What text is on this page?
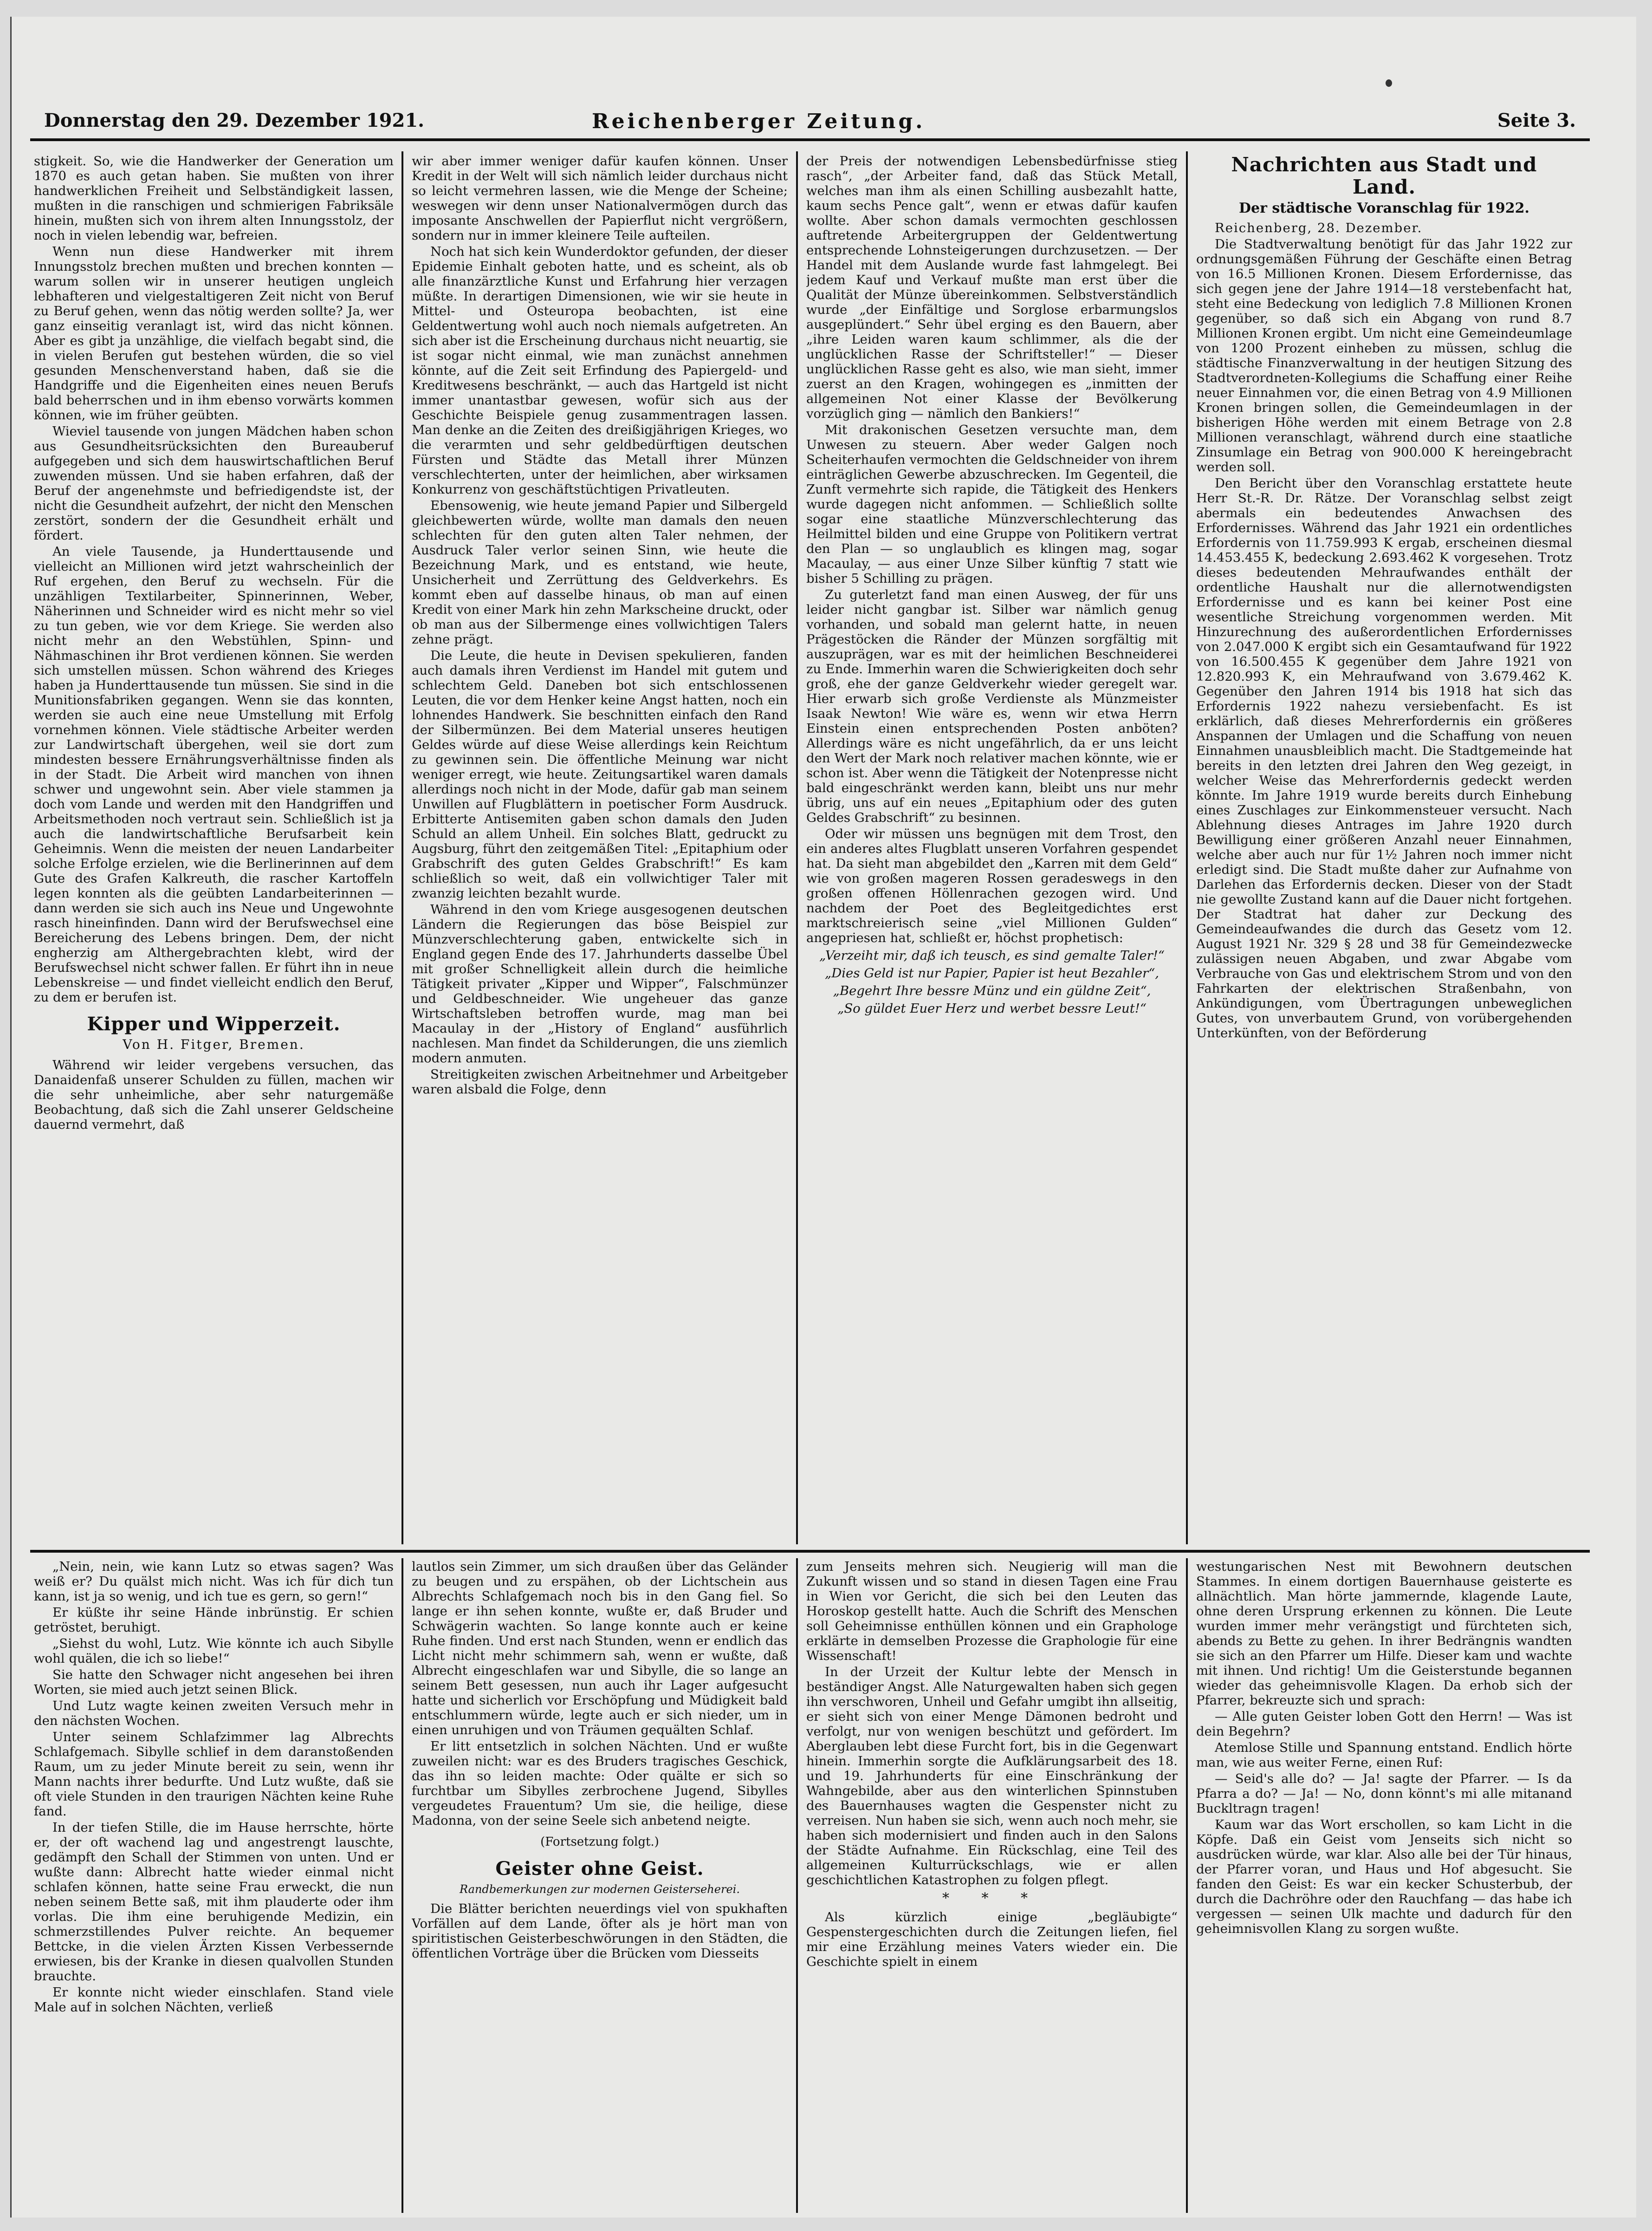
Donnerstag den 29. Dezember 1921.	Reichenberger Zeitung.	Seite 3.

stigkeit. So, wie die Handwerker der Generation um 1870 es auch getan haben. Sie mußten von ihrer handwerklichen Freiheit und Selbständigkeit lassen, mußten in die ranschigen und schmierigen Fabriksäle hinein, mußten sich von ihrem alten Innungsstolz, der noch in vielen lebendig war, befreien.

Wenn nun diese Handwerker mit ihrem Innungsstolz brechen mußten und brechen konnten — warum sollen wir in unserer heutigen ungleich lebhafteren und vielgestaltigeren Zeit nicht von Beruf zu Beruf gehen, wenn das nötig werden sollte? Ja, wer ganz einseitig veranlagt ist, wird das nicht können. Aber es gibt ja unzählige, die vielfach begabt sind, die in vielen Berufen gut bestehen würden, die so viel gesunden Menschenverstand haben, daß sie die Handgriffe und die Eigenheiten eines neuen Berufs bald beherrschen und in ihm ebenso vorwärts kommen können, wie im früher geübten.

Wieviel tausende von jungen Mädchen haben schon aus Gesundheitsrücksichten den Bureauberuf aufgegeben und sich dem hauswirtschaftlichen Beruf zuwenden müssen. Und sie haben erfahren, daß der Beruf der angenehmste und befriedigendste ist, der nicht die Gesundheit aufzehrt, der nicht den Menschen zerstört, sondern der die Gesundheit erhält und fördert.

An viele Tausende, ja Hunderttausende und vielleicht an Millionen wird jetzt wahrscheinlich der Ruf ergehen, den Beruf zu wechseln. Für die unzähligen Textilarbeiter, Spinnerinnen, Weber, Näherinnen und Schneider wird es nicht mehr so viel zu tun geben, wie vor dem Kriege. Sie werden also nicht mehr an den Webstühlen, Spinn- und Nähmaschinen ihr Brot verdienen können. Sie werden sich umstellen müssen. Schon während des Krieges haben ja Hunderttausende tun müssen. Sie sind in die Munitionsfabriken gegangen. Wenn sie das konnten, werden sie auch eine neue Umstellung mit Erfolg vornehmen können. Viele städtische Arbeiter werden zur Landwirtschaft übergehen, weil sie dort zum mindesten bessere Ernährungsverhältnisse finden als in der Stadt. Die Arbeit wird manchen von ihnen schwer und ungewohnt sein. Aber viele stammen ja doch vom Lande und werden mit den Handgriffen und Arbeitsmethoden noch vertraut sein. Schließlich ist ja auch die landwirtschaftliche Berufsarbeit kein Geheimnis. Wenn die meisten der neuen Landarbeiter solche Erfolge erzielen, wie die Berlinerinnen auf dem Gute des Grafen Kalkreuth, die rascher Kartoffeln legen konnten als die geübten Landarbeiterinnen — dann werden sie sich auch ins Neue und Ungewohnte rasch hineinfinden. Dann wird der Berufswechsel eine Bereicherung des Lebens bringen. Dem, der nicht engherzig am Althergebrachten klebt, wird der Berufswechsel nicht schwer fallen. Er führt ihn in neue Lebenskreise — und findet vielleicht endlich den Beruf, zu dem er berufen ist.

Kipper und Wipperzeit.
Von H. Fitger, Bremen.

Während wir leider vergebens versuchen, das Danaidenfaß unserer Schulden zu füllen, machen wir die sehr unheimliche, aber sehr naturgemäße Beobachtung, daß sich die Zahl unserer Geldscheine dauernd vermehrt, daß

wir aber immer weniger dafür kaufen können. Unser Kredit in der Welt will sich nämlich leider durchaus nicht so leicht vermehren lassen, wie die Menge der Scheine; weswegen wir denn unser Nationalvermögen durch das imposante Anschwellen der Papierflut nicht vergrößern, sondern nur in immer kleinere Teile aufteilen.

Noch hat sich kein Wunderdoktor gefunden, der dieser Epidemie Einhalt geboten hatte, und es scheint, als ob alle finanzärztliche Kunst und Erfahrung hier verzagen müßte. In derartigen Dimensionen, wie wir sie heute in Mittel- und Osteuropa beobachten, ist eine Geldentwertung wohl auch noch niemals aufgetreten. An sich aber ist die Erscheinung durchaus nicht neuartig, sie ist sogar nicht einmal, wie man zunächst annehmen könnte, auf die Zeit seit Erfindung des Papiergeld- und Kreditwesens beschränkt, — auch das Hartgeld ist nicht immer unantastbar gewesen, wofür sich aus der Geschichte Beispiele genug zusammentragen lassen. Man denke an die Zeiten des dreißigjährigen Krieges, wo die verarmten und sehr geldbedürftigen deutschen Fürsten und Städte das Metall ihrer Münzen verschlechterten, unter der heimlichen, aber wirksamen Konkurrenz von geschäftstüchtigen Privatleuten.

Ebensowenig, wie heute jemand Papier und Silbergeld gleichbewerten würde, wollte man damals den neuen schlechten für den guten alten Taler nehmen, der Ausdruck Taler verlor seinen Sinn, wie heute die Bezeichnung Mark, und es entstand, wie heute, Unsicherheit und Zerrüttung des Geldverkehrs. Es kommt eben auf dasselbe hinaus, ob man auf einen Kredit von einer Mark hin zehn Markscheine druckt, oder ob man aus der Silbermenge eines vollwichtigen Talers zehne prägt.

Die Leute, die heute in Devisen spekulieren, fanden auch damals ihren Verdienst im Handel mit gutem und schlechtem Geld. Daneben bot sich entschlossenen Leuten, die vor dem Henker keine Angst hatten, noch ein lohnendes Handwerk. Sie beschnitten einfach den Rand der Silbermünzen. Bei dem Material unseres heutigen Geldes würde auf diese Weise allerdings kein Reichtum zu gewinnen sein. Die öffentliche Meinung war nicht weniger erregt, wie heute. Zeitungsartikel waren damals allerdings noch nicht in der Mode, dafür gab man seinem Unwillen auf Flugblättern in poetischer Form Ausdruck. Erbitterte Antisemiten gaben schon damals den Juden Schuld an allem Unheil. Ein solches Blatt, gedruckt zu Augsburg, führt den zeitgemäßen Titel: „Epitaphium oder Grabschrift des guten Geldes Grabschrift!“ Es kam schließlich so weit, daß ein vollwichtiger Taler mit zwanzig leichten bezahlt wurde.

Während in den vom Kriege ausgesogenen deutschen Ländern die Regierungen das böse Beispiel zur Münzverschlechterung gaben, entwickelte sich in England gegen Ende des 17. Jahrhunderts dasselbe Übel mit großer Schnelligkeit allein durch die heimliche Tätigkeit privater „Kipper und Wipper“, Falschmünzer und Geldbeschneider. Wie ungeheuer das ganze Wirtschaftsleben betroffen wurde, mag man bei Macaulay in der „History of England“ ausführlich nachlesen. Man findet da Schilderungen, die uns ziemlich modern anmuten.

Streitigkeiten zwischen Arbeitnehmer und Arbeitgeber waren alsbald die Folge, denn

der Preis der notwendigen Lebensbedürfnisse stieg rasch“, „der Arbeiter fand, daß das Stück Metall, welches man ihm als einen Schilling ausbezahlt hatte, kaum sechs Pence galt“, wenn er etwas dafür kaufen wollte. Aber schon damals vermochten geschlossen auftretende Arbeitergruppen der Geldentwertung entsprechende Lohnsteigerungen durchzusetzen. — Der Handel mit dem Auslande wurde fast lahmgelegt. Bei jedem Kauf und Verkauf mußte man erst über die Qualität der Münze übereinkommen. Selbstverständlich wurde „der Einfältige und Sorglose erbarmungslos ausgeplündert.“ Sehr übel erging es den Bauern, aber „ihre Leiden waren kaum schlimmer, als die der unglücklichen Rasse der Schriftsteller!“ — Dieser unglücklichen Rasse geht es also, wie man sieht, immer zuerst an den Kragen, wohingegen es „inmitten der allgemeinen Not einer Klasse der Bevölkerung vorzüglich ging — nämlich den Bankiers!“

Mit drakonischen Gesetzen versuchte man, dem Unwesen zu steuern. Aber weder Galgen noch Scheiterhaufen vermochten die Geldschneider von ihrem einträglichen Gewerbe abzuschrecken. Im Gegenteil, die Zunft vermehrte sich rapide, die Tätigkeit des Henkers wurde dagegen nicht anfommen. — Schließlich sollte sogar eine staatliche Münzverschlechterung das Heilmittel bilden und eine Gruppe von Politikern vertrat den Plan — so unglaublich es klingen mag, sogar Macaulay, — aus einer Unze Silber künftig 7 statt wie bisher 5 Schilling zu prägen.

Zu guterletzt fand man einen Ausweg, der für uns leider nicht gangbar ist. Silber war nämlich genug vorhanden, und sobald man gelernt hatte, in neuen Prägestöcken die Ränder der Münzen sorgfältig mit auszuprägen, war es mit der heimlichen Beschneiderei zu Ende. Immerhin waren die Schwierigkeiten doch sehr groß, ehe der ganze Geldverkehr wieder geregelt war. Hier erwarb sich große Verdienste als Münzmeister Isaak Newton! Wie wäre es, wenn wir etwa Herrn Einstein einen entsprechenden Posten anböten? Allerdings wäre es nicht ungefährlich, da er uns leicht den Wert der Mark noch relativer machen könnte, wie er schon ist. Aber wenn die Tätigkeit der Notenpresse nicht bald eingeschränkt werden kann, bleibt uns nur mehr übrig, uns auf ein neues „Epitaphium oder des guten Geldes Grabschrift“ zu besinnen.

Oder wir müssen uns begnügen mit dem Trost, den ein anderes altes Flugblatt unseren Vorfahren gespendet hat. Da sieht man abgebildet den „Karren mit dem Geld“ wie von großen mageren Rossen geradeswegs in den großen offenen Höllenrachen gezogen wird. Und nachdem der Poet des Begleitgedichtes erst marktschreierisch seine „viel Millionen Gulden“ angepriesen hat, schließt er, höchst prophetisch:

„Verzeiht mir, daß ich teusch, es sind gemalte Taler!“
„Dies Geld ist nur Papier, Papier ist heut Bezahler“,
„Begehrt Ihre bessre Münz und ein güldne Zeit“,
„So güldet Euer Herz und werbet bessre Leut!“
Nachrichten aus Stadt und Land.
Der städtische Voranschlag für 1922.

Reichenberg, 28. Dezember.

Die Stadtverwaltung benötigt für das Jahr 1922 zur ordnungsgemäßen Führung der Geschäfte einen Betrag von 16.5 Millionen Kronen. Diesem Erfordernisse, das sich gegen jene der Jahre 1914—18 verstebenfacht hat, steht eine Bedeckung von lediglich 7.8 Millionen Kronen gegenüber, so daß sich ein Abgang von rund 8.7 Millionen Kronen ergibt. Um nicht eine Gemeindeumlage von 1200 Prozent einheben zu müssen, schlug die städtische Finanzverwaltung in der heutigen Sitzung des Stadtverordneten-Kollegiums die Schaffung einer Reihe neuer Einnahmen vor, die einen Betrag von 4.9 Millionen Kronen bringen sollen, die Gemeindeumlagen in der bisherigen Höhe werden mit einem Betrage von 2.8 Millionen veranschlagt, während durch eine staatliche Zinsumlage ein Betrag von 900.000 K hereingebracht werden soll.

Den Bericht über den Voranschlag erstattete heute Herr St.-R. Dr. Rätze. Der Voranschlag selbst zeigt abermals ein bedeutendes Anwachsen des Erfordernisses. Während das Jahr 1921 ein ordentliches Erfordernis von 11.759.993 K ergab, erscheinen diesmal 14.453.455 K, bedeckung 2.693.462 K vorgesehen. Trotz dieses bedeutenden Mehraufwandes enthält der ordentliche Haushalt nur die allernotwendigsten Erfordernisse und es kann bei keiner Post eine wesentliche Streichung vorgenommen werden. Mit Hinzurechnung des außerordentlichen Erfordernisses von 2.047.000 K ergibt sich ein Gesamtaufwand für 1922 von 16.500.455 K gegenüber dem Jahre 1921 von 12.820.993 K, ein Mehraufwand von 3.679.462 K. Gegenüber den Jahren 1914 bis 1918 hat sich das Erfordernis 1922 nahezu versiebenfacht. Es ist erklärlich, daß dieses Mehrerfordernis ein größeres Anspannen der Umlagen und die Schaffung von neuen Einnahmen unausbleiblich macht. Die Stadtgemeinde hat bereits in den letzten drei Jahren den Weg gezeigt, in welcher Weise das Mehrerfordernis gedeckt werden könnte. Im Jahre 1919 wurde bereits durch Einhebung eines Zuschlages zur Einkommensteuer versucht. Nach Ablehnung dieses Antrages im Jahre 1920 durch Bewilligung einer größeren Anzahl neuer Einnahmen, welche aber auch nur für 1½ Jahren noch immer nicht erledigt sind. Die Stadt mußte daher zur Aufnahme von Darlehen das Erfordernis decken. Dieser von der Stadt nie gewollte Zustand kann auf die Dauer nicht fortgehen. Der Stadtrat hat daher zur Deckung des Gemeindeaufwandes die durch das Gesetz vom 12. August 1921 Nr. 329 § 28 und 38 für Gemeindezwecke zulässigen neuen Abgaben, und zwar Abgabe vom Verbrauche von Gas und elektrischem Strom und von den Fahrkarten der elektrischen Straßenbahn, von Ankündigungen, vom Übertragungen unbeweglichen Gutes, von unverbautem Grund, von vorübergehenden Unterkünften, von der Beförderung

„Nein, nein, wie kann Lutz so etwas sagen? Was weiß er? Du quälst mich nicht. Was ich für dich tun kann, ist ja so wenig, und ich tue es gern, so gern!“

Er küßte ihr seine Hände inbrünstig. Er schien getröstet, beruhigt.

„Siehst du wohl, Lutz. Wie könnte ich auch Sibylle wohl quälen, die ich so liebe!“

Sie hatte den Schwager nicht angesehen bei ihren Worten, sie mied auch jetzt seinen Blick.

Und Lutz wagte keinen zweiten Versuch mehr in den nächsten Wochen.

Unter seinem Schlafzimmer lag Albrechts Schlafgemach. Sibylle schlief in dem daranstoßenden Raum, um zu jeder Minute bereit zu sein, wenn ihr Mann nachts ihrer bedurfte. Und Lutz wußte, daß sie oft viele Stunden in den traurigen Nächten keine Ruhe fand.

In der tiefen Stille, die im Hause herrschte, hörte er, der oft wachend lag und angestrengt lauschte, gedämpft den Schall der Stimmen von unten. Und er wußte dann: Albrecht hatte wieder einmal nicht schlafen können, hatte seine Frau erweckt, die nun neben seinem Bette saß, mit ihm plauderte oder ihm vorlas. Die ihm eine beruhigende Medizin, ein schmerzstillendes Pulver reichte. An bequemer Bettcke, in die vielen Ärzten Kissen Verbessernde erwiesen, bis der Kranke in diesen qualvollen Stunden brauchte.

Er konnte nicht wieder einschlafen. Stand viele Male auf in solchen Nächten, verließ

lautlos sein Zimmer, um sich draußen über das Geländer zu beugen und zu erspähen, ob der Lichtschein aus Albrechts Schlafgemach noch bis in den Gang fiel. So lange er ihn sehen konnte, wußte er, daß Bruder und Schwägerin wachten. So lange konnte auch er keine Ruhe finden. Und erst nach Stunden, wenn er endlich das Licht nicht mehr schimmern sah, wenn er wußte, daß Albrecht eingeschlafen war und Sibylle, die so lange an seinem Bett gesessen, nun auch ihr Lager aufgesucht hatte und sicherlich vor Erschöpfung und Müdigkeit bald entschlummern würde, legte auch er sich nieder, um in einen unruhigen und von Träumen gequälten Schlaf.

Er litt entsetzlich in solchen Nächten. Und er wußte zuweilen nicht: war es des Bruders tragisches Geschick, das ihn so leiden machte: Oder quälte er sich so furchtbar um Sibylles zerbrochene Jugend, Sibylles vergeudetes Frauentum? Um sie, die heilige, diese Madonna, von der seine Seele sich anbetend neigte.

(Fortsetzung folgt.)
Geister ohne Geist.
Randbemerkungen zur modernen Geisterseherei.

Die Blätter berichten neuerdings viel von spukhaften Vorfällen auf dem Lande, öfter als je hört man von spiritistischen Geisterbeschwörungen in den Städten, die öffentlichen Vorträge über die Brücken vom Diesseits

zum Jenseits mehren sich. Neugierig will man die Zukunft wissen und so stand in diesen Tagen eine Frau in Wien vor Gericht, die sich bei den Leuten das Horoskop gestellt hatte. Auch die Schrift des Menschen soll Geheimnisse enthüllen können und ein Graphologe erklärte in demselben Prozesse die Graphologie für eine Wissenschaft!

In der Urzeit der Kultur lebte der Mensch in beständiger Angst. Alle Naturgewalten haben sich gegen ihn verschworen, Unheil und Gefahr umgibt ihn allseitig, er sieht sich von einer Menge Dämonen bedroht und verfolgt, nur von wenigen beschützt und gefördert. Im Aberglauben lebt diese Furcht fort, bis in die Gegenwart hinein. Immerhin sorgte die Aufklärungsarbeit des 18. und 19. Jahrhunderts für eine Einschränkung der Wahngebilde, aber aus den winterlichen Spinnstuben des Bauernhauses wagten die Gespenster nicht zu verreisen. Nun haben sie sich, wenn auch noch mehr, sie haben sich modernisiert und finden auch in den Salons der Städte Aufnahme. Ein Rückschlag, eine Teil des allgemeinen Kulturrückschlags, wie er allen geschichtlichen Katastrophen zu folgen pflegt.

* * *

Als kürzlich einige „begläubigte“ Gespenstergeschichten durch die Zeitungen liefen, fiel mir eine Erzählung meines Vaters wieder ein. Die Geschichte spielt in einem

westungarischen Nest mit Bewohnern deutschen Stammes. In einem dortigen Bauernhause geisterte es allnächtlich. Man hörte jammernde, klagende Laute, ohne deren Ursprung erkennen zu können. Die Leute wurden immer mehr verängstigt und fürchteten sich, abends zu Bette zu gehen. In ihrer Bedrängnis wandten sie sich an den Pfarrer um Hilfe. Dieser kam und wachte mit ihnen. Und richtig! Um die Geisterstunde begannen wieder das geheimnisvolle Klagen. Da erhob sich der Pfarrer, bekreuzte sich und sprach:

— Alle guten Geister loben Gott den Herrn! — Was ist dein Begehrn?

Atemlose Stille und Spannung entstand. Endlich hörte man, wie aus weiter Ferne, einen Ruf:

— Seid's alle do? — Ja! sagte der Pfarrer. — Is da Pfarra a do? — Ja! — No, donn könnt's mi alle mitanand Buckltragn tragen!

Kaum war das Wort erschollen, so kam Licht in die Köpfe. Daß ein Geist vom Jenseits sich nicht so ausdrücken würde, war klar. Also alle bei der Tür hinaus, der Pfarrer voran, und Haus und Hof abgesucht. Sie fanden den Geist: Es war ein kecker Schusterbub, der durch die Dachröhre oder den Rauchfang — das habe ich vergessen — seinen Ulk machte und dadurch für den geheimnisvollen Klang zu sorgen wußte.
